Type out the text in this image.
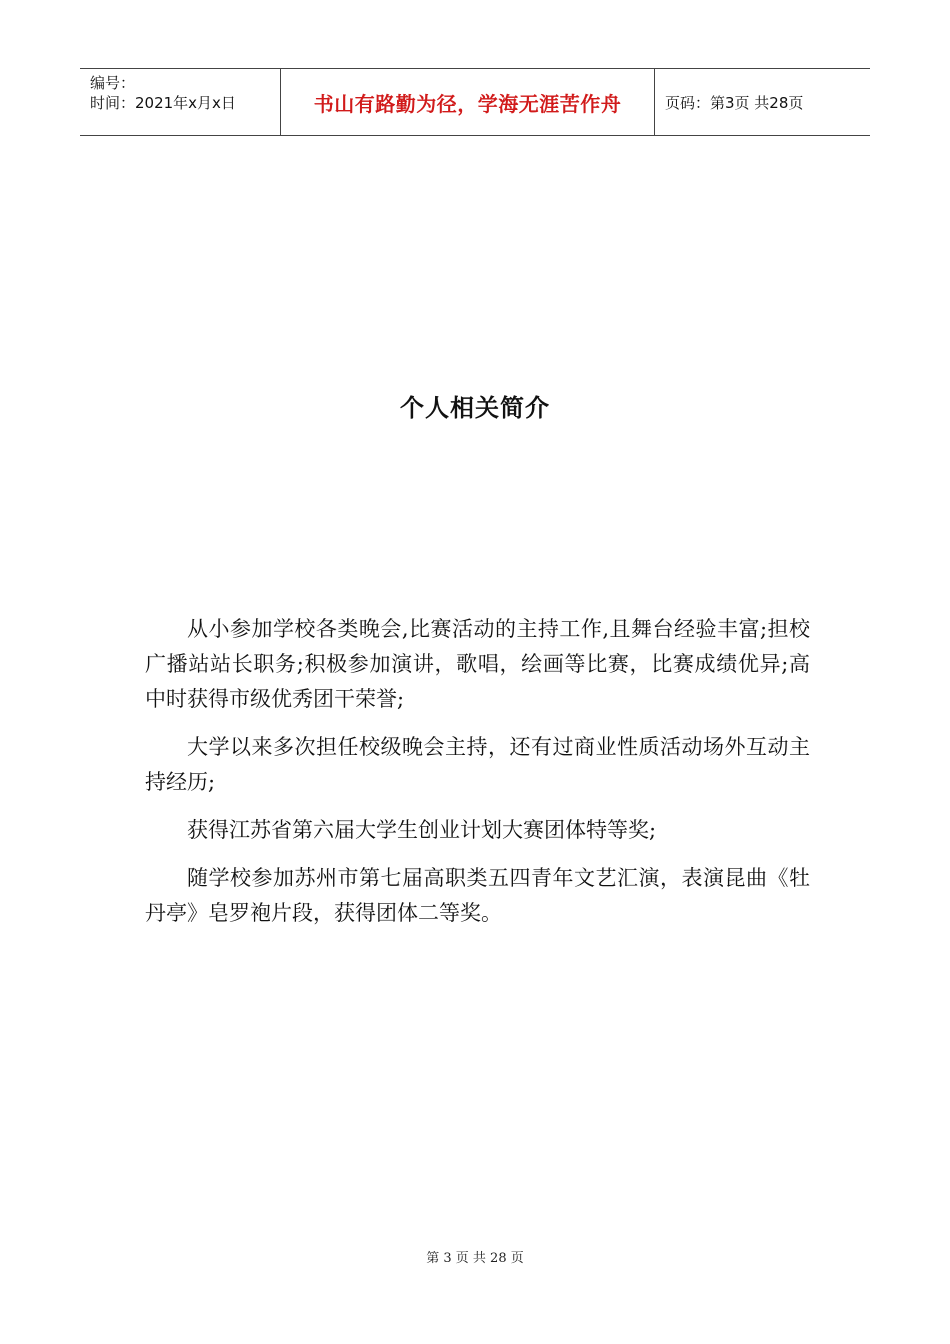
编号：
时间：2021年x月x日	书山有路勤为径，学海无涯苦作舟	页码：第3页 共28页
个人相关简介

从小参加学校各类晚会,比赛活动的主持工作,且舞台经验丰富;担校广播站站长职务;积极参加演讲，歌唱，绘画等比赛，比赛成绩优异;高中时获得市级优秀团干荣誉;

大学以来多次担任校级晚会主持，还有过商业性质活动场外互动主持经历;

获得江苏省第六届大学生创业计划大赛团体特等奖;

随学校参加苏州市第七届高职类五四青年文艺汇演，表演昆曲《牡丹亭》皂罗袍片段，获得团体二等奖。

第 3 页 共 28 页
